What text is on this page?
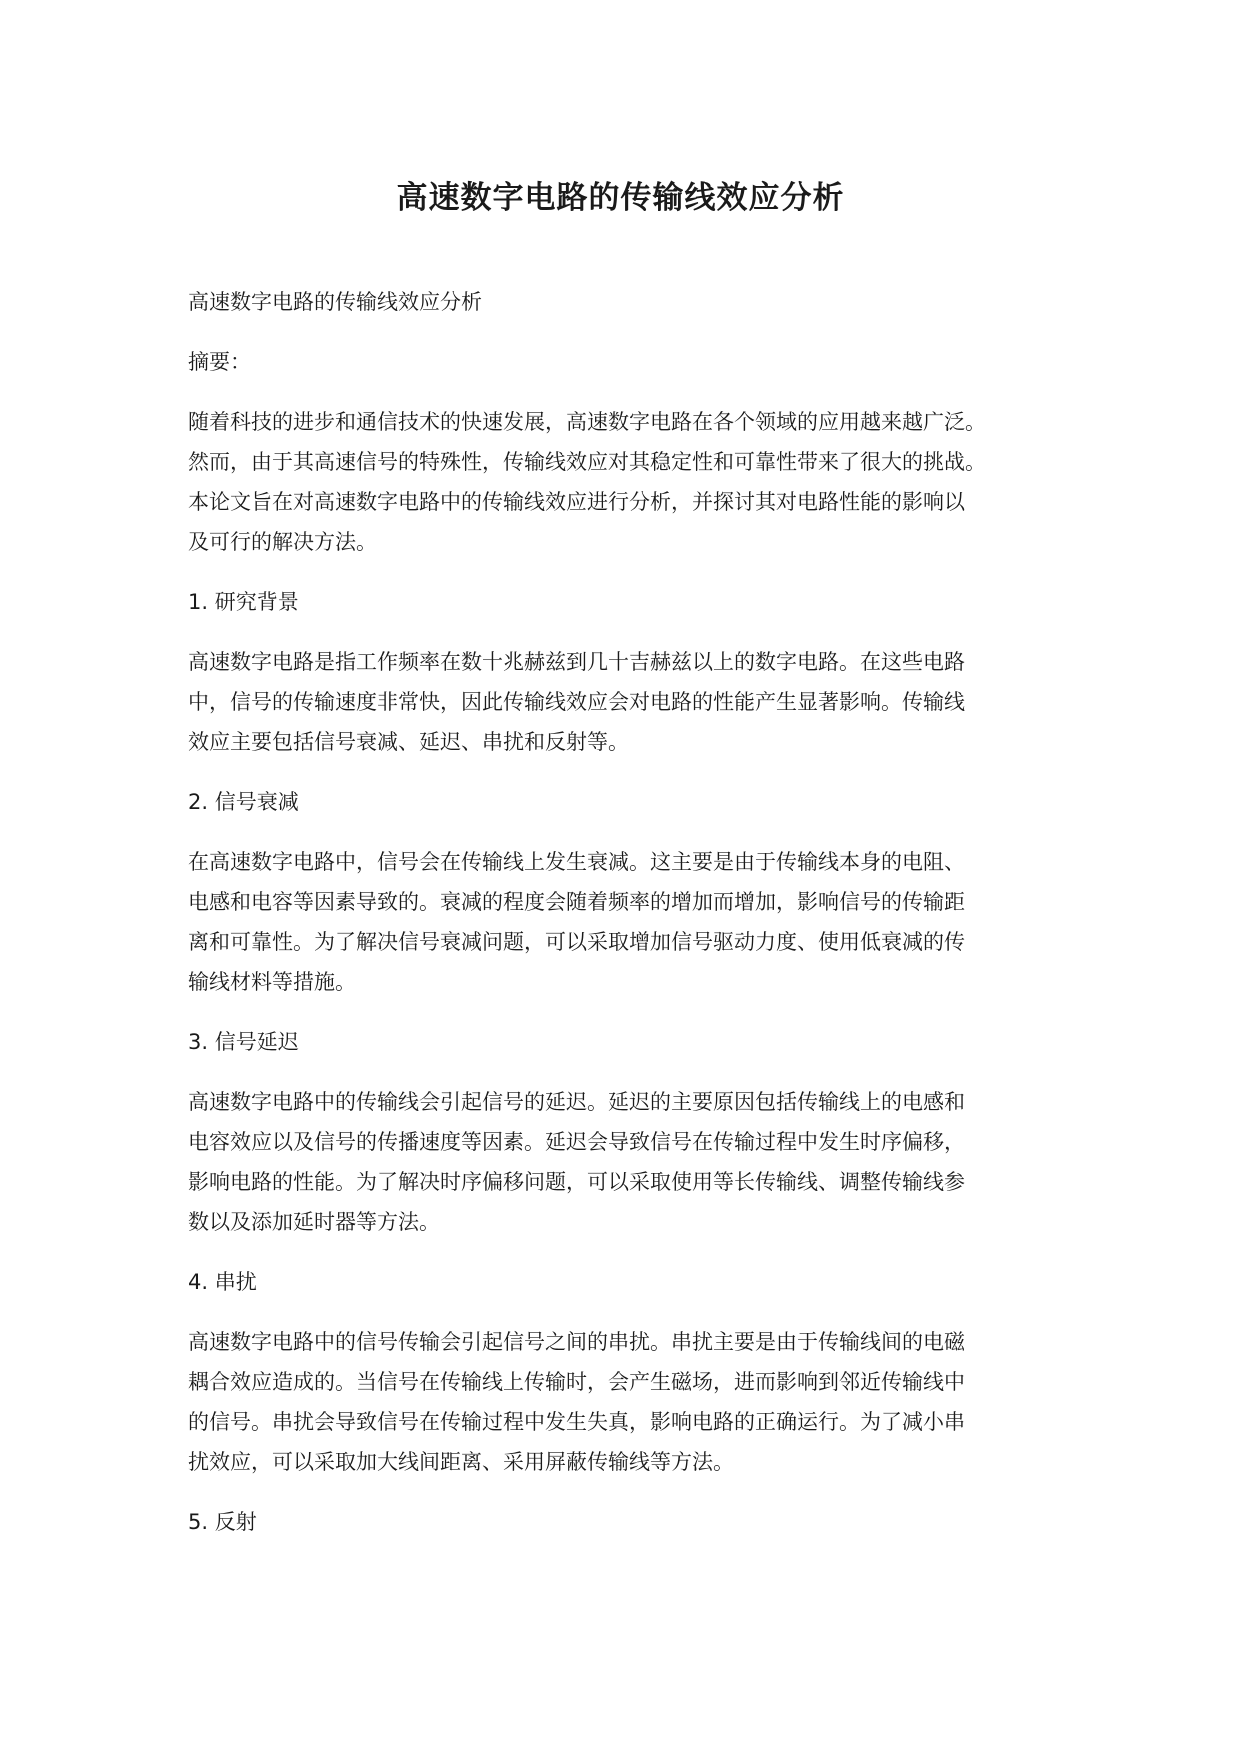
高速数字电路的传输线效应分析

高速数字电路的传输线效应分析

摘要：

随着科技的进步和通信技术的快速发展，高速数字电路在各个领域的应用越来越广泛。
然而，由于其高速信号的特殊性，传输线效应对其稳定性和可靠性带来了很大的挑战。
本论文旨在对高速数字电路中的传输线效应进行分析，并探讨其对电路性能的影响以
及可行的解决方法。

1. 研究背景

高速数字电路是指工作频率在数十兆赫兹到几十吉赫兹以上的数字电路。在这些电路
中，信号的传输速度非常快，因此传输线效应会对电路的性能产生显著影响。传输线
效应主要包括信号衰减、延迟、串扰和反射等。

2. 信号衰减

在高速数字电路中，信号会在传输线上发生衰减。这主要是由于传输线本身的电阻、
电感和电容等因素导致的。衰减的程度会随着频率的增加而增加，影响信号的传输距
离和可靠性。为了解决信号衰减问题，可以采取增加信号驱动力度、使用低衰减的传
输线材料等措施。

3. 信号延迟

高速数字电路中的传输线会引起信号的延迟。延迟的主要原因包括传输线上的电感和
电容效应以及信号的传播速度等因素。延迟会导致信号在传输过程中发生时序偏移，
影响电路的性能。为了解决时序偏移问题，可以采取使用等长传输线、调整传输线参
数以及添加延时器等方法。

4. 串扰

高速数字电路中的信号传输会引起信号之间的串扰。串扰主要是由于传输线间的电磁
耦合效应造成的。当信号在传输线上传输时，会产生磁场，进而影响到邻近传输线中
的信号。串扰会导致信号在传输过程中发生失真，影响电路的正确运行。为了减小串
扰效应，可以采取加大线间距离、采用屏蔽传输线等方法。

5. 反射
